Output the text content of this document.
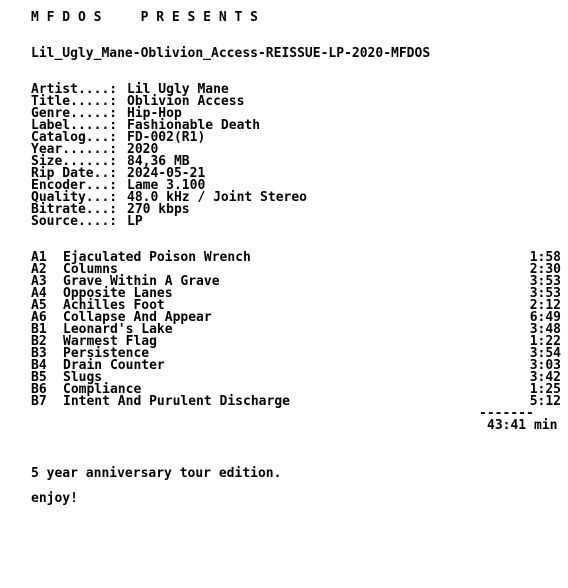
M F D O S     P R E S E N T S
Lil_Ugly_Mane-Oblivion_Access-REISSUE-LP-2020-MFDOS
Artist....: Lil Ugly Mane
Title.....: Oblivion Access
Genre.....: Hip-Hop
Label.....: Fashionable Death
Catalog...: FD-002(R1)
Year......: 2020
Size......: 84,36 MB
Rip Date..: 2024-05-21
Encoder...: Lame 3.100
Quality...: 48.0 kHz / Joint Stereo
Bitrate...: 270 kbps
Source....: LP
A1	Ejaculated Poison Wrench	1:58
A2	Columns	2:30
A3	Grave Within A Grave	3:53
A4	Opposite Lanes	3:53
A5	Achilles Foot	2:12
A6	Collapse And Appear	6:49
B1	Leonard's Lake	3:48
B2	Warmest Flag	1:22
B3	Persistence	3:54
B4	Drain Counter	3:03
B5	Slugs	3:42
B6	Compliance	1:25
B7	Intent And Purulent Discharge	5:12
-------
43:41 min
5 year anniversary tour edition.
enjoy!
